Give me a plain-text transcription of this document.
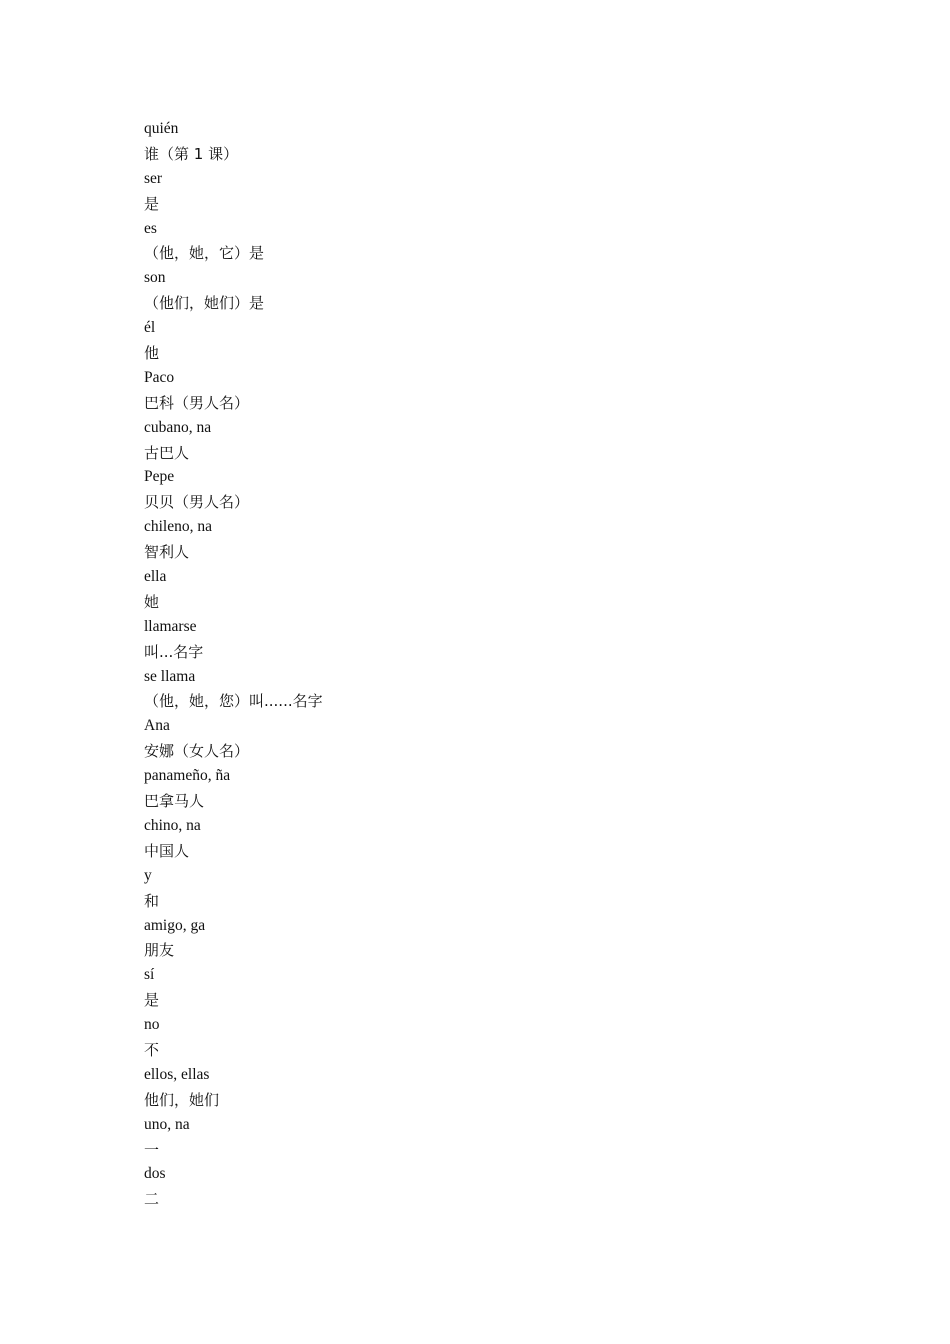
quién
谁（第 1 课）
ser
是
es
（他，她，它）是
son
（他们，她们）是
él
他
Paco
巴科（男人名）
cubano, na
古巴人
Pepe
贝贝（男人名）
chileno, na
智利人
ella
她
llamarse
叫...名字
se llama
（他，她，您）叫......名字
Ana
安娜（女人名）
panameño, ña
巴拿马人
chino, na
中国人
y
和
amigo, ga
朋友
sí
是
no
不
ellos, ellas
他们，她们
uno, na
一
dos
二
